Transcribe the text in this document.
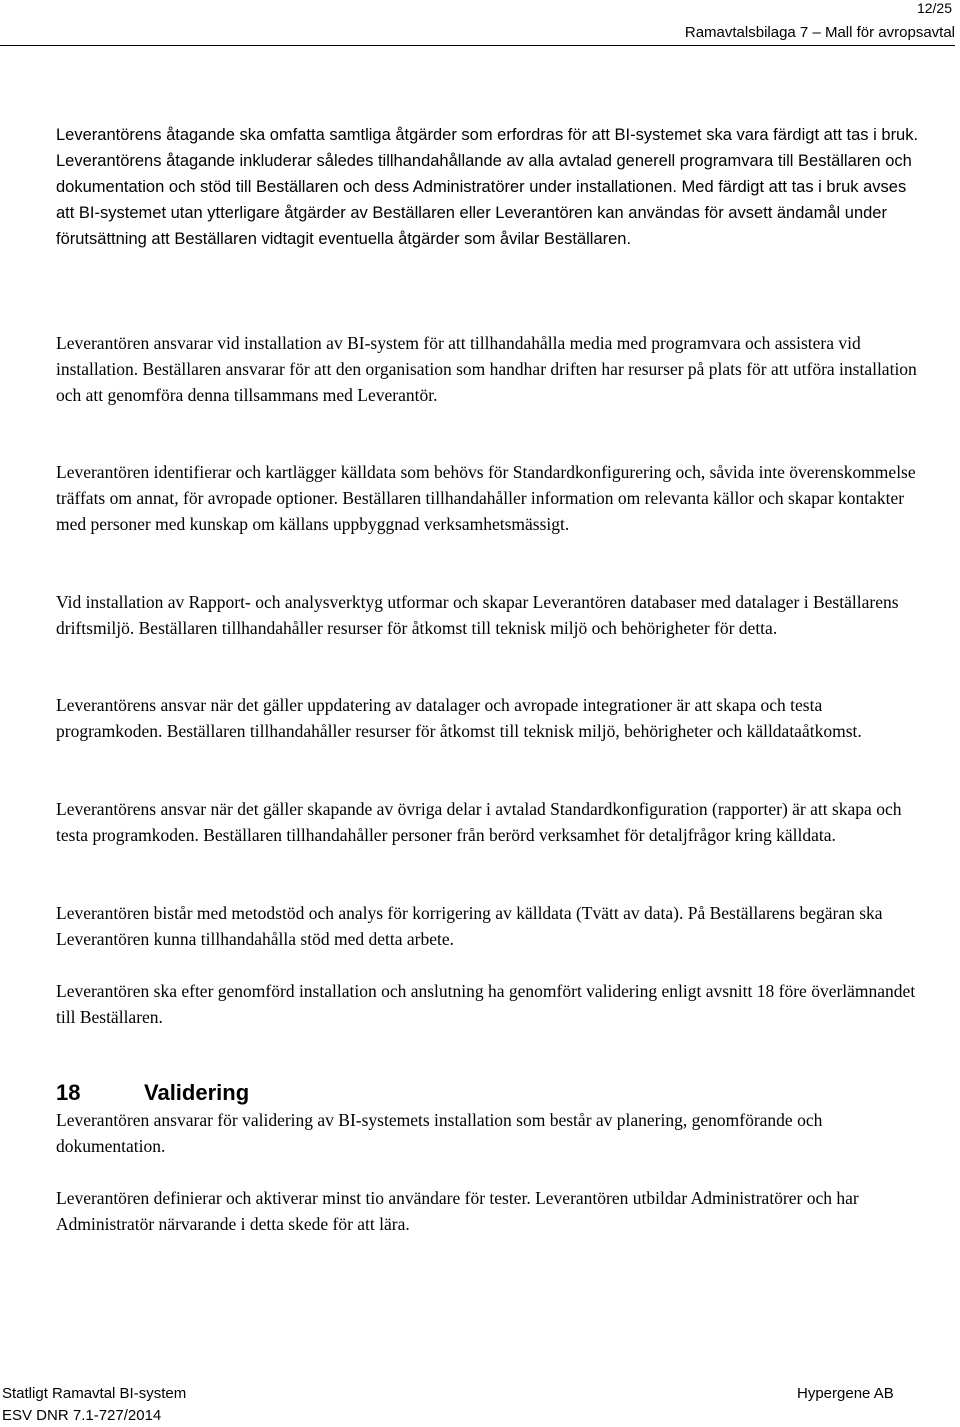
12/25
Ramavtalsbilaga 7 – Mall för avropsavtal

Leverantörens åtagande ska omfatta samtliga åtgärder som erfordras för att BI-systemet ska vara färdigt att tas i bruk. Leverantörens åtagande inkluderar således tillhandahållande av alla avtalad generell programvara till Beställaren och dokumentation och stöd till Beställaren och dess Administratörer under installationen. Med färdigt att tas i bruk avses att BI-systemet utan ytterligare åtgärder av Beställaren eller Leverantören kan användas för avsett ändamål under förutsättning att Beställaren vidtagit eventuella åtgärder som åvilar Beställaren.

Leverantören ansvarar vid installation av BI-system för att tillhandahålla media med programvara och assistera vid installation. Beställaren ansvarar för att den organisation som handhar driften har resurser på plats för att utföra installation och att genomföra denna tillsammans med Leverantör.

Leverantören identifierar och kartlägger källdata som behövs för Standardkonfigurering och, såvida inte överenskommelse träffats om annat, för avropade optioner. Beställaren tillhandahåller information om relevanta källor och skapar kontakter med personer med kunskap om källans uppbyggnad verksamhetsmässigt.

Vid installation av Rapport- och analysverktyg utformar och skapar Leverantören databaser med datalager i Beställarens driftsmiljö. Beställaren tillhandahåller resurser för åtkomst till teknisk miljö och behörigheter för detta.

Leverantörens ansvar när det gäller uppdatering av datalager och avropade integrationer är att skapa och testa programkoden. Beställaren tillhandahåller resurser för åtkomst till teknisk miljö, behörigheter och källdataåtkomst.

Leverantörens ansvar när det gäller skapande av övriga delar i avtalad Standardkonfiguration (rapporter) är att skapa och testa programkoden. Beställaren tillhandahåller personer från berörd verksamhet för detaljfrågor kring källdata.

Leverantören bistår med metodstöd och analys för korrigering av källdata (Tvätt av data). På Beställarens begäran ska Leverantören kunna tillhandahålla stöd med detta arbete.

Leverantören ska efter genomförd installation och anslutning ha genomfört validering enligt avsnitt 18 före överlämnandet till Beställaren.

18	Validering

Leverantören ansvarar för validering av BI-systemets installation som består av planering, genomförande och dokumentation.

Leverantören definierar och aktiverar minst tio användare för tester. Leverantören utbildar Administratörer och har Administratör närvarande i detta skede för att lära.

Statligt Ramavtal BI-system
ESV DNR 7.1-727/2014
Hypergene AB
